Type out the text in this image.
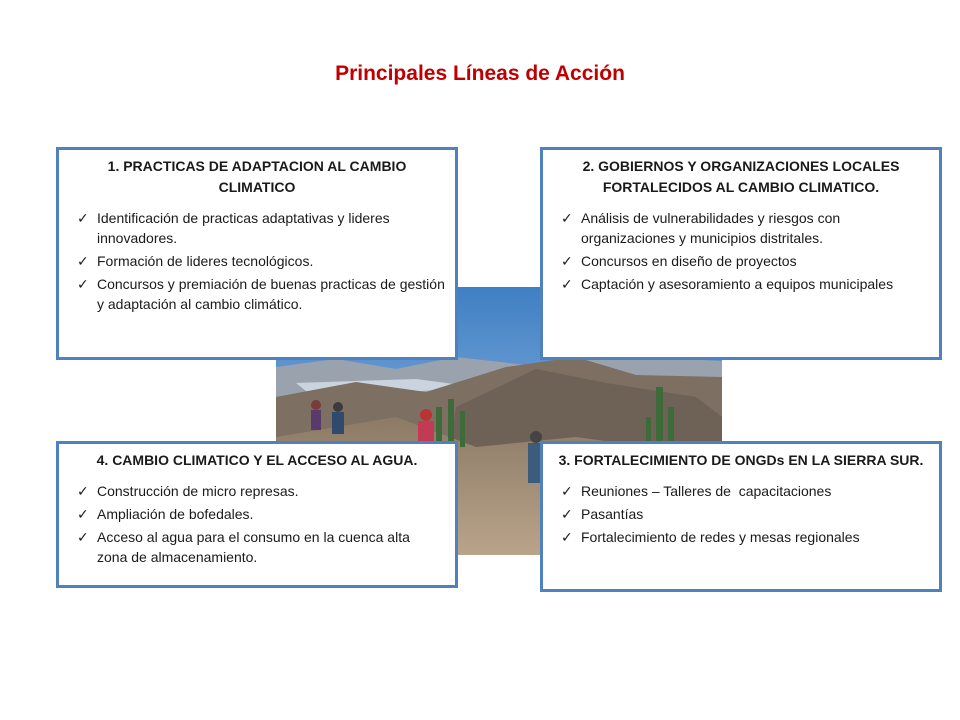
Principales Líneas de Acción
1. PRACTICAS DE ADAPTACION AL CAMBIO CLIMATICO
✓ Identificación de practicas adaptativas y lideres innovadores.
✓ Formación de lideres tecnológicos.
✓ Concursos y premiación de buenas practicas de gestión y adaptación al cambio climático.
2. GOBIERNOS Y ORGANIZACIONES LOCALES FORTALECIDOS AL CAMBIO CLIMATICO.
✓ Análisis de vulnerabilidades y riesgos con organizaciones y municipios distritales.
✓ Concursos en diseño de proyectos
✓ Captación y asesoramiento a equipos municipales
4. CAMBIO CLIMATICO Y EL ACCESO AL AGUA.
✓ Construcción de micro represas.
✓ Ampliación de bofedales.
✓ Acceso al agua para el consumo en la cuenca alta    zona de almacenamiento.
3. FORTALECIMIENTO DE ONGDs EN LA SIERRA SUR.
✓ Reuniones – Talleres de  capacitaciones
✓ Pasantías
✓ Fortalecimiento de redes y mesas regionales
